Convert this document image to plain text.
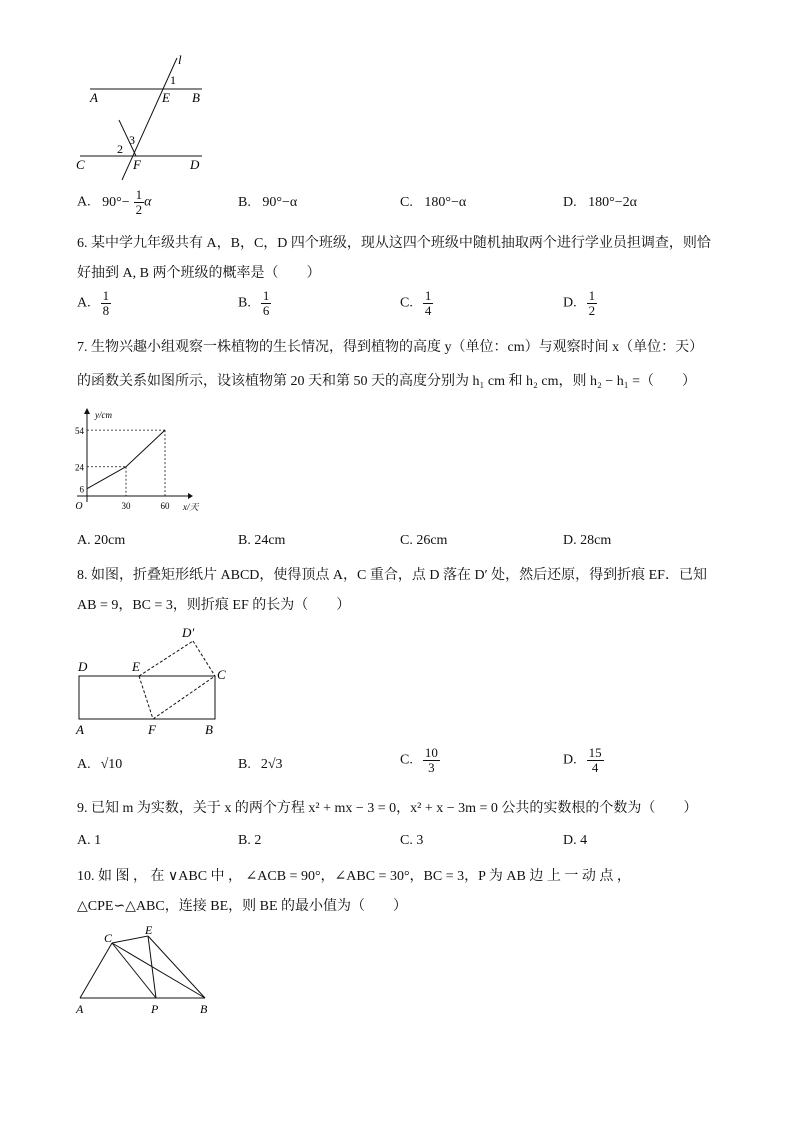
l
1
A	E B
3
2
C	F	D
A. $90^\circ- \frac{1}{2}$ α	B. 90°−α	C. 180°−α	D. 180°−2α
6. 某中学九年级共有 A，B，C，D 四个班级，现从这四个班级中随机抽取两个进行学业员担调查，则恰
好抽到 A, B 两个班级的概率是（　　）
A. $\frac{1}{8}$	B. $\frac{1}{6}$	C. $\frac{1}{4}$	D. $\frac{1}{2}$
7. 生物兴趣小组观察一株植物的生长情况，得到植物的高度 y（单位：cm）与观察时间 x（单位：天）
的函数关系如图所示，设该植物第 20 天和第 50 天的高度分别为 h₁ cm 和 h₂ cm，则 h₂ − h₁ =（　　）
6
24
54
30	60
O
y/cm
x/天
A. 20cm	B. 24cm	C. 26cm	D. 28cm
8. 如图，折叠矩形纸片 ABCD，使得顶点 A，C 重合，点 D 落在 D′ 处，然后还原，得到折痕 EF．已知
AB = 9，BC = 3，则折痕 EF 的长为（　　）
D′
D	E
C
A	F	B
A. √10	B. 2√3	C. $\frac{10}{3}$	D. $\frac{15}{4}$
9. 已知 m 为实数，关于 x 的两个方程 x² + mx − 3 = 0，x² + x − 3m = 0 公共的实数根的个数为（　　）
A. 1	B. 2	C. 3	D. 4
10. 如 图 ， 在 ∨ABC 中 ， ∠ACB = 90°，∠ABC = 30°，BC = 3，P 为 AB 边 上 一 动 点 ，
△CPE∽△ABC，连接 BE，则 BE 的最小值为（　　）
C
E
A	P	B
